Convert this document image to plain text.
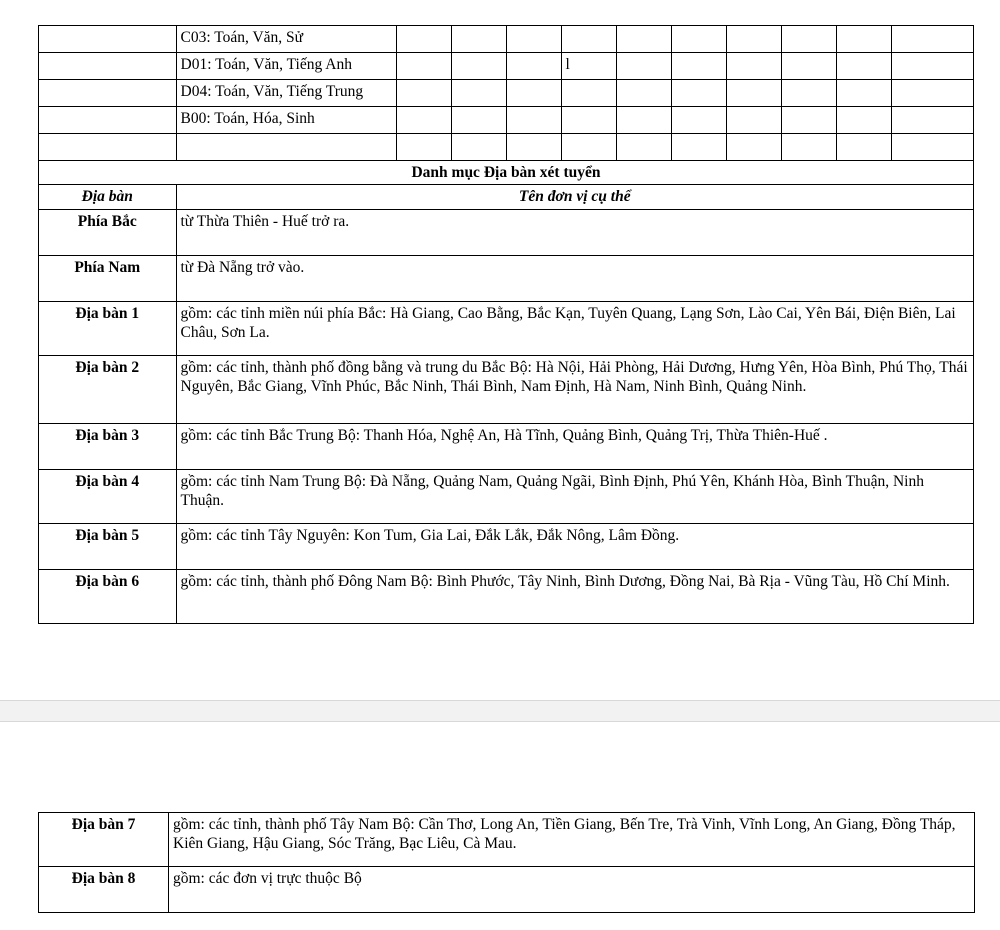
	C03: Toán, Văn, Sử										
	D01: Toán, Văn, Tiếng Anh				l						
	D04: Toán, Văn, Tiếng Trung										
	B00: Toán, Hóa, Sinh										

Danh mục Địa bàn xét tuyển											
Địa bàn	Tên đơn vị cụ thể										
Phía Bắc	từ Thừa Thiên - Huế trở ra.										
Phía Nam	từ Đà Nẵng trở vào.										
Địa bàn 1	gồm: các tỉnh miền núi phía Bắc: Hà Giang, Cao Bằng, Bắc Kạn, Tuyên Quang, Lạng Sơn, Lào Cai, Yên Bái, Điện Biên, Lai Châu, Sơn La.										
Địa bàn 2	gồm: các tỉnh, thành phố đồng bằng và trung du Bắc Bộ: Hà Nội, Hải Phòng, Hải Dương, Hưng Yên, Hòa Bình, Phú Thọ, Thái Nguyên, Bắc Giang, Vĩnh Phúc, Bắc Ninh, Thái Bình, Nam Định, Hà Nam, Ninh Bình, Quảng Ninh.										
Địa bàn 3	gồm: các tỉnh Bắc Trung Bộ: Thanh Hóa, Nghệ An, Hà Tĩnh, Quảng Bình, Quảng Trị, Thừa Thiên-Huế .										
Địa bàn 4	gồm: các tỉnh Nam Trung Bộ: Đà Nẵng, Quảng Nam, Quảng Ngãi, Bình Định, Phú Yên, Khánh Hòa, Bình Thuận, Ninh Thuận.										
Địa bàn 5	gồm: các tỉnh Tây Nguyên: Kon Tum, Gia Lai, Đắk Lắk, Đắk Nông, Lâm Đồng.										
Địa bàn 6	gồm: các tỉnh, thành phố Đông Nam Bộ: Bình Phước, Tây Ninh, Bình Dương, Đồng Nai, Bà Rịa - Vũng Tàu, Hồ Chí Minh.										
Địa bàn 7	gồm: các tỉnh, thành phố Tây Nam Bộ: Cần Thơ, Long An, Tiền Giang, Bến Tre, Trà Vinh, Vĩnh Long, An Giang, Đồng Tháp, Kiên Giang, Hậu Giang, Sóc Trăng, Bạc Liêu, Cà Mau.
Địa bàn 8	gồm: các đơn vị trực thuộc Bộ
